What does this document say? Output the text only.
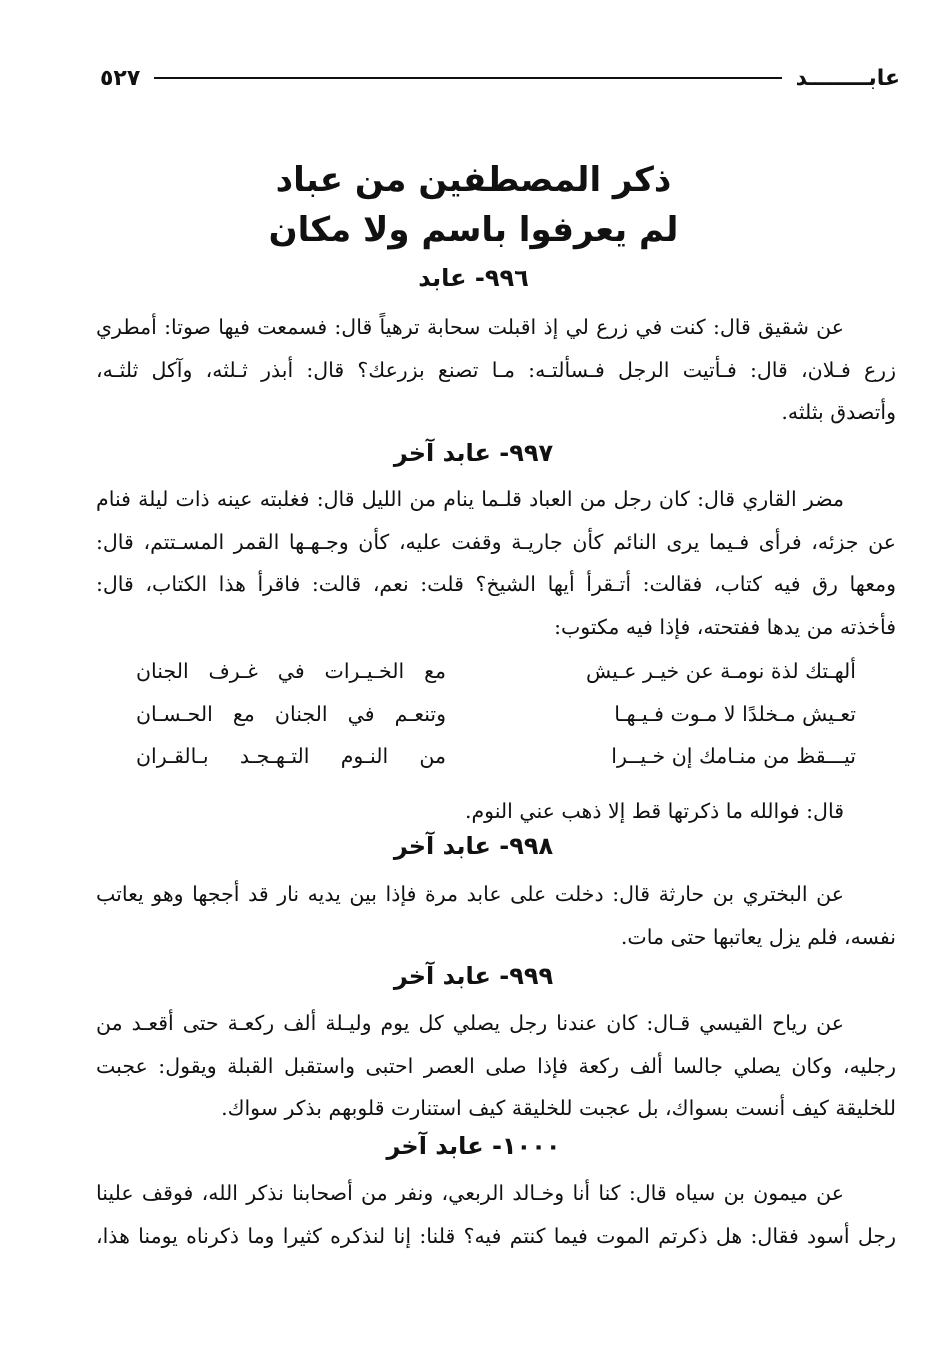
عابــــــــد
٥٢٧
ذكر المصطفين من عباد
لم يعرفوا باسم ولا مكان
٩٩٦- عابد
عن شقيق قال: كنت في زرع لي إذ اقبلت سحابة ترهياً قال: فسمعت فيها صوتا: أمطري
زرع فـلان، قال: فـأتيت الرجل فـسألتـه: مـا تصنع بزرعك؟ قال: أبذر ثـلثه، وآكل ثلثـه،
وأتصدق بثلثه.
٩٩٧- عابد آخر
مضر القاري قال: كان رجل من العباد قلـما ينام من الليل قال: فغلبته عينه ذات ليلة فنام
عن جزئه، فرأى فـيما يرى النائم كأن جاريـة وقفت عليه، كأن وجـهـها القمر المسـتتم، قال:
ومعها رق فيه كتاب، فقالت: أتـقرأ أيها الشيخ؟ قلت: نعم، قالت: فاقرأ هذا الكتاب، قال:
فأخذته من يدها ففتحته، فإذا فيه مكتوب:
ألهـتك لذة نومـة عن خيـر عـيش
مع الخـيـرات في غـرف الجنان
تعـيش مـخلدًا لا مـوت فـيـهـا
وتنعـم في الجنان مع الحـسـان
تيـــقظ من منـامك إن خـيــرا
من النـوم التـهـجـد بـالقـران
قال: فوالله ما ذكرتها قط إلا ذهب عني النوم.
٩٩٨- عابد آخر
عن البختري بن حارثة قال: دخلت على عابد مرة فإذا بين يديه نار قد أججها وهو يعاتب
نفسه، فلم يزل يعاتبها حتى مات.
٩٩٩- عابد آخر
عن رياح القيسي قـال: كان عندنا رجل يصلي كل يوم وليـلة ألف ركعـة حتى أقعـد من
رجليه، وكان يصلي جالسا ألف ركعة فإذا صلى العصر احتبى واستقبل القبلة ويقول: عجبت
للخليقة كيف أنست بسواك، بل عجبت للخليقة كيف استنارت قلوبهم بذكر سواك.
١٠٠٠- عابد آخر
عن ميمون بن سياه قال: كنا أنا وخـالد الربعي، ونفر من أصحابنا نذكر الله، فوقف علينا
رجل أسود فقال: هل ذكرتم الموت فيما كنتم فيه؟ قلنا: إنا لنذكره كثيرا وما ذكرناه يومنا هذا،
